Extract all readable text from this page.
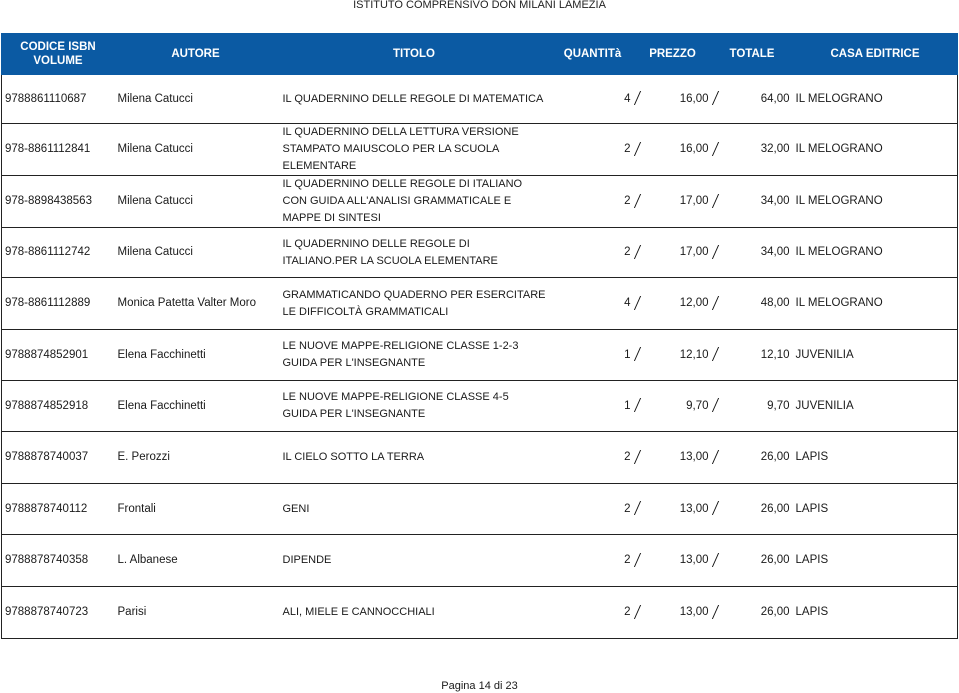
ISTITUTO COMPRENSIVO DON MILANI LAMEZIA
CODICE ISBN
VOLUME	AUTORE	TITOLO	QUANTITà	PREZZO		TOTALE		CASA EDITRICE
9788861110687	Milena Catucci	IL QUADERNINO DELLE REGOLE DI MATEMATICA	4		16,00		64,00	IL MELOGRANO
978-8861112841	Milena Catucci	IL QUADERNINO DELLA LETTURA VERSIONE STAMPATO MAIUSCOLO PER LA SCUOLA ELEMENTARE	2		16,00		32,00	IL MELOGRANO
978-8898438563	Milena Catucci	IL QUADERNINO DELLE REGOLE DI ITALIANO CON GUIDA ALL'ANALISI GRAMMATICALE E MAPPE DI SINTESI	2		17,00		34,00	IL MELOGRANO
978-8861112742	Milena Catucci	IL QUADERNINO DELLE REGOLE DI ITALIANO.PER LA SCUOLA ELEMENTARE	2		17,00		34,00	IL MELOGRANO
978-8861112889	Monica Patetta Valter Moro	GRAMMATICANDO QUADERNO PER ESERCITARE LE DIFFICOLTÀ GRAMMATICALI	4		12,00		48,00	IL MELOGRANO
9788874852901	Elena Facchinetti	LE NUOVE MAPPE-RELIGIONE CLASSE 1-2-3 GUIDA PER L'INSEGNANTE	1		12,10		12,10	JUVENILIA
9788874852918	Elena Facchinetti	LE NUOVE MAPPE-RELIGIONE CLASSE 4-5 GUIDA PER L'INSEGNANTE	1		9,70		9,70	JUVENILIA
9788878740037	E. Perozzi	IL CIELO SOTTO LA TERRA	2		13,00		26,00	LAPIS
9788878740112	Frontali	GENI	2		13,00		26,00	LAPIS
9788878740358	L. Albanese	DIPENDE	2		13,00		26,00	LAPIS
9788878740723	Parisi	ALI, MIELE E CANNOCCHIALI	2		13,00		26,00	LAPIS
Pagina 14 di 23
